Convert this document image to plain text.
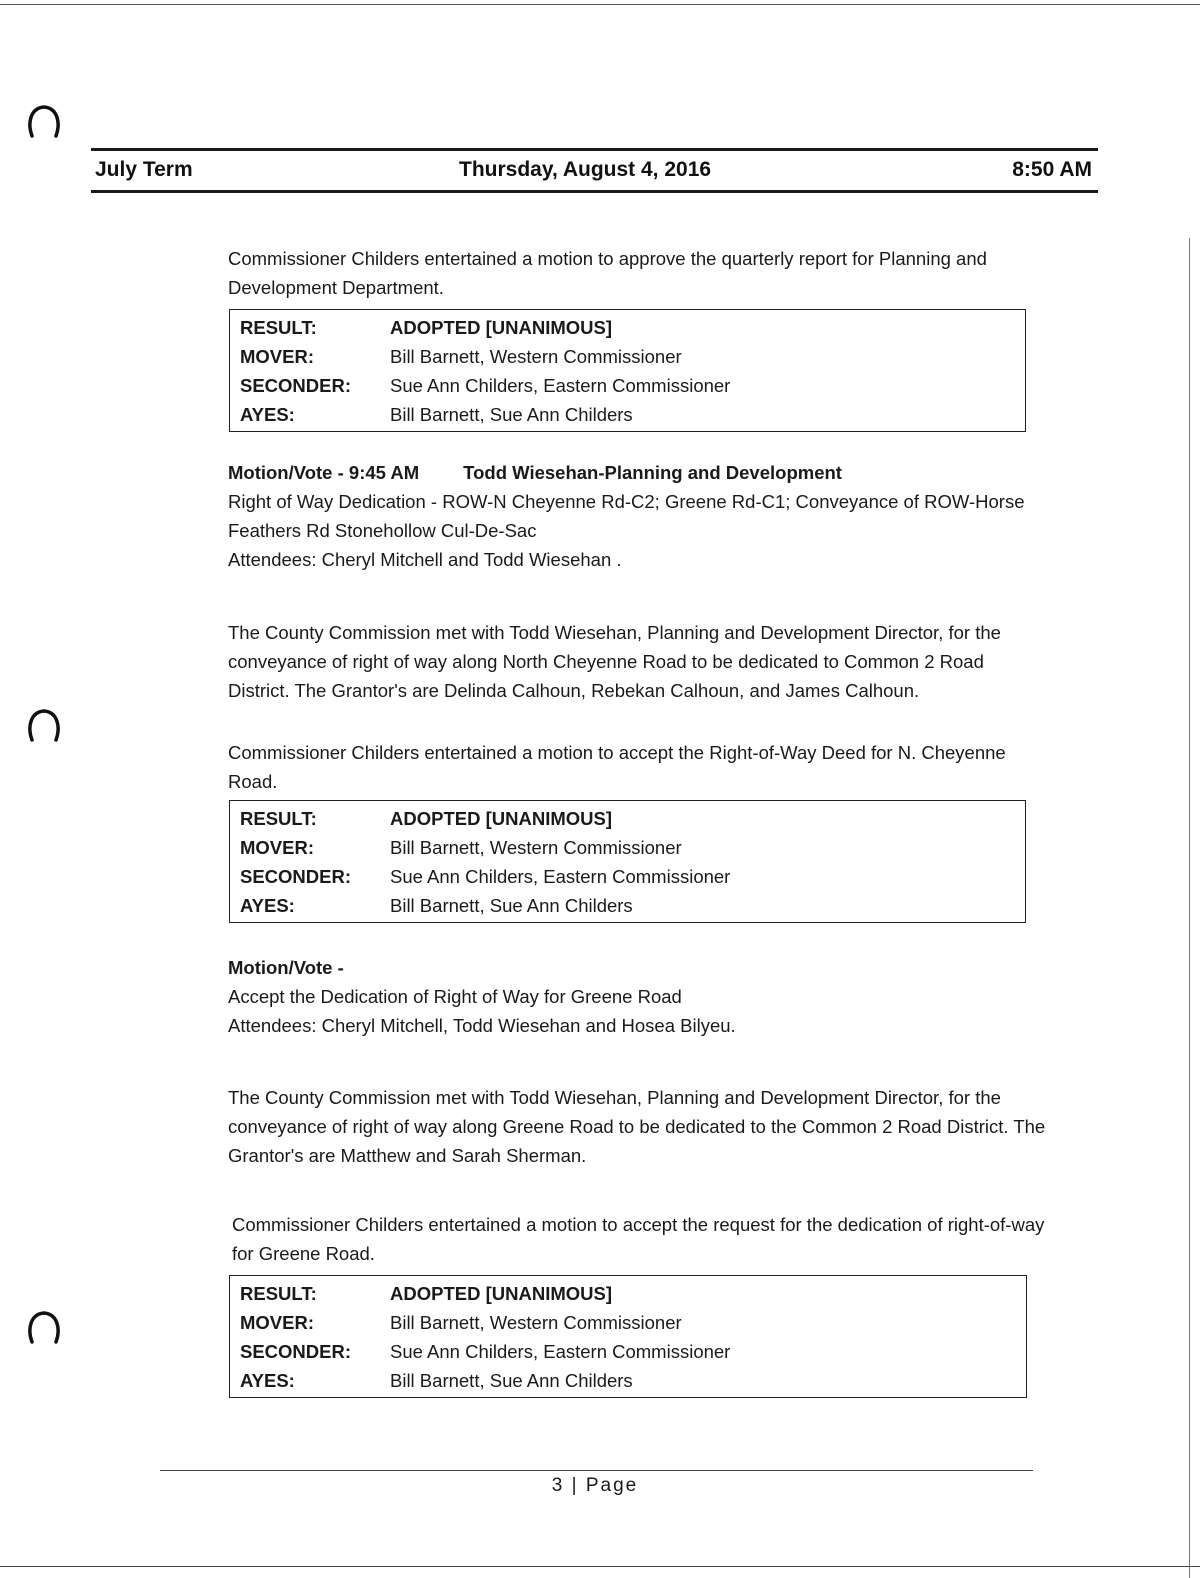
July Term	Thursday, August 4, 2016	8:50 AM

Commissioner Childers entertained a motion to approve the quarterly report for Planning and Development Department.

RESULT:	ADOPTED [UNANIMOUS]
MOVER:	Bill Barnett, Western Commissioner
SECONDER:	Sue Ann Childers, Eastern Commissioner
AYES:	Bill Barnett, Sue Ann Childers

Motion/Vote - 9:45 AM Todd Wiesehan-Planning and Development

Right of Way Dedication - ROW-N Cheyenne Rd-C2; Greene Rd-C1; Conveyance of ROW-Horse Feathers Rd Stonehollow Cul-De-Sac

Attendees: Cheryl Mitchell and Todd Wiesehan .

The County Commission met with Todd Wiesehan, Planning and Development Director, for the conveyance of right of way along North Cheyenne Road to be dedicated to Common 2 Road District. The Grantor's are Delinda Calhoun, Rebekan Calhoun, and James Calhoun.

Commissioner Childers entertained a motion to accept the Right-of-Way Deed for N. Cheyenne Road.

RESULT:	ADOPTED [UNANIMOUS]
MOVER:	Bill Barnett, Western Commissioner
SECONDER:	Sue Ann Childers, Eastern Commissioner
AYES:	Bill Barnett, Sue Ann Childers

Motion/Vote -

Accept the Dedication of Right of Way for Greene Road

Attendees: Cheryl Mitchell, Todd Wiesehan and Hosea Bilyeu.

The County Commission met with Todd Wiesehan, Planning and Development Director, for the conveyance of right of way along Greene Road to be dedicated to the Common 2 Road District. The Grantor's are Matthew and Sarah Sherman.

Commissioner Childers entertained a motion to accept the request for the dedication of right-of-way for Greene Road.

RESULT:	ADOPTED [UNANIMOUS]
MOVER:	Bill Barnett, Western Commissioner
SECONDER:	Sue Ann Childers, Eastern Commissioner
AYES:	Bill Barnett, Sue Ann Childers
3 | Page
